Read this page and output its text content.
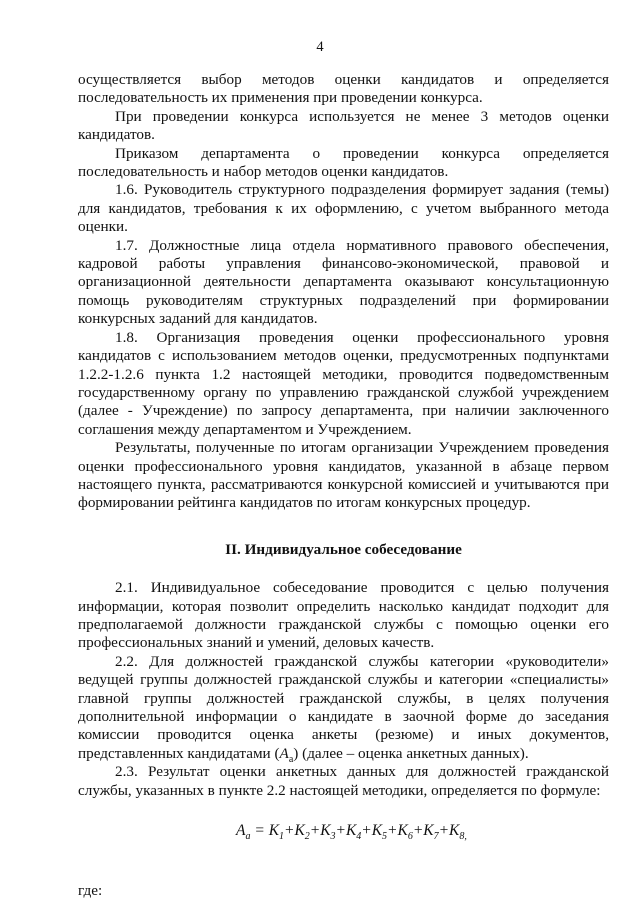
4

осуществляется выбор методов оценки кандидатов и определяется последовательность их применения при проведении конкурса.

При проведении конкурса используется не менее 3 методов оценки кандидатов.

Приказом департамента о проведении конкурса определяется последовательность и набор методов оценки кандидатов.

1.6. Руководитель структурного подразделения формирует задания (темы) для кандидатов, требования к их оформлению, с учетом выбранного метода оценки.

1.7. Должностные лица отдела нормативного правового обеспечения, кадровой работы управления финансово-экономической, правовой и организационной деятельности департамента оказывают консультационную помощь руководителям структурных подразделений при формировании конкурсных заданий для кандидатов.

1.8. Организация проведения оценки профессионального уровня кандидатов с использованием методов оценки, предусмотренных подпунктами 1.2.2-1.2.6 пункта 1.2 настоящей методики, проводится подведомственным государственному органу по управлению гражданской службой учреждением (далее - Учреждение) по запросу департамента, при наличии заключенного соглашения между департаментом и Учреждением.

Результаты, полученные по итогам организации Учреждением проведения оценки профессионального уровня кандидатов, указанной в абзаце первом настоящего пункта, рассматриваются конкурсной комиссией и учитываются при формировании рейтинга кандидатов по итогам конкурсных процедур.

II. Индивидуальное собеседование

2.1. Индивидуальное собеседование проводится с целью получения информации, которая позволит определить насколько кандидат подходит для предполагаемой должности гражданской службы с помощью оценки его профессиональных знаний и умений, деловых качеств.

2.2. Для должностей гражданской службы категории «руководители» ведущей группы должностей гражданской службы и категории «специалисты» главной группы должностей гражданской службы, в целях получения дополнительной информации о кандидате в заочной форме до заседания комиссии проводится оценка анкеты (резюме) и иных документов, представленных кандидатами $(А_а)$ (далее – оценка анкетных данных).

2.3. Результат оценки анкетных данных для должностей гражданской службы, указанных в пункте 2.2 настоящей методики, определяется по формуле:

$А_а = К_1+К_2+К_3+К_4+К_5+К_6+К_7+К_{8,}$

где:
